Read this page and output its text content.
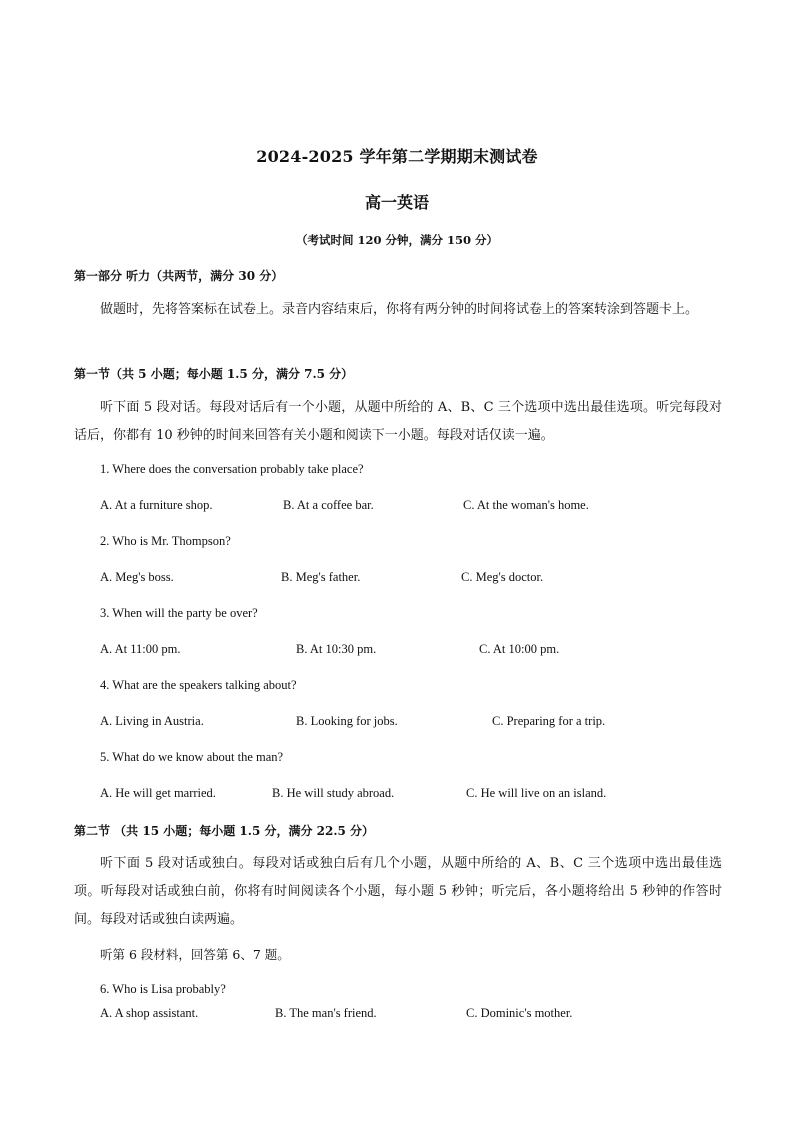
2024-2025 学年第二学期期末测试卷
高一英语
（考试时间 120 分钟，满分 150 分）
第一部分 听力（共两节，满分 30 分）
做题时，先将答案标在试卷上。录音内容结束后，你将有两分钟的时间将试卷上的答案转涂到答题卡上。
第一节（共 5 小题；每小题 1.5 分，满分 7.5 分）
听下面 5 段对话。每段对话后有一个小题，从题中所给的 A、B、C 三个选项中选出最佳选项。听完每段对话后，你都有 10 秒钟的时间来回答有关小题和阅读下一小题。每段对话仅读一遍。
1. Where does the conversation probably take place?
A. At a furniture shop.	B. At a coffee bar.	C. At the woman's home.
2. Who is Mr. Thompson?
A. Meg's boss.	B. Meg's father.	C. Meg's doctor.
3. When will the party be over?
A. At 11:00 pm.	B. At 10:30 pm.	C. At 10:00 pm.
4. What are the speakers talking about?
A. Living in Austria.	B. Looking for jobs.	C. Preparing for a trip.
5. What do we know about the man?
A. He will get married.	B. He will study abroad.	C. He will live on an island.
第二节 （共 15 小题；每小题 1.5 分，满分 22.5 分）
听下面 5 段对话或独白。每段对话或独白后有几个小题，从题中所给的 A、B、C 三个选项中选出最佳选项。听每段对话或独白前，你将有时间阅读各个小题，每小题 5 秒钟；听完后，各小题将给出 5 秒钟的作答时间。每段对话或独白读两遍。
听第 6 段材料，回答第 6、7 题。
6. Who is Lisa probably?
A. A shop assistant.	B. The man's friend.	C. Dominic's mother.
